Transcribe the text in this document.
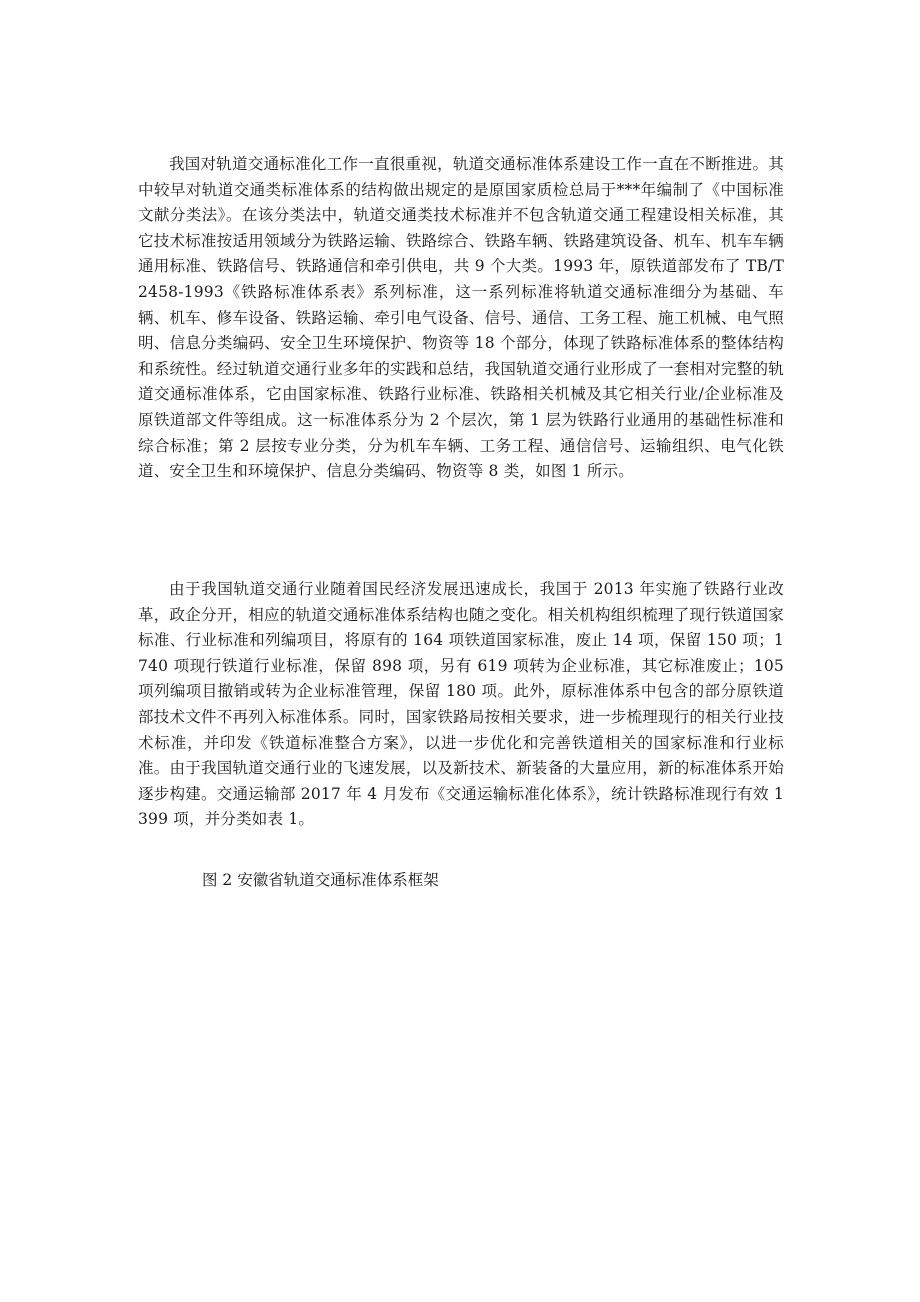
我国对轨道交通标准化工作一直很重视，轨道交通标准体系建设工作一直在不断推进。其中较早对轨道交通类标准体系的结构做出规定的是原国家质检总局于***年编制了《中国标准文献分类法》。在该分类法中，轨道交通类技术标准并不包含轨道交通工程建设相关标准，其它技术标准按适用领域分为铁路运输、铁路综合、铁路车辆、铁路建筑设备、机车、机车车辆通用标准、铁路信号、铁路通信和牵引供电，共 9 个大类。1993 年，原铁道部发布了 TB/T 2458-1993《铁路标准体系表》系列标准，这一系列标准将轨道交通标准细分为基础、车辆、机车、修车设备、铁路运输、牵引电气设备、信号、通信、工务工程、施工机械、电气照明、信息分类编码、安全卫生环境保护、物资等 18 个部分，体现了铁路标准体系的整体结构和系统性。经过轨道交通行业多年的实践和总结，我国轨道交通行业形成了一套相对完整的轨道交通标准体系，它由国家标准、铁路行业标准、铁路相关机械及其它相关行业/企业标准及原铁道部文件等组成。这一标准体系分为 2 个层次，第 1 层为铁路行业通用的基础性标准和综合标准；第 2 层按专业分类，分为机车车辆、工务工程、通信信号、运输组织、电气化铁道、安全卫生和环境保护、信息分类编码、物资等 8 类，如图 1 所示。

由于我国轨道交通行业随着国民经济发展迅速成长，我国于 2013 年实施了铁路行业改革，政企分开，相应的轨道交通标准体系结构也随之变化。相关机构组织梳理了现行铁道国家标准、行业标准和列编项目，将原有的 164 项铁道国家标准，废止 14 项，保留 150 项；1740 项现行铁道行业标准，保留 898 项，另有 619 项转为企业标准，其它标准废止；105 项列编项目撤销或转为企业标准管理，保留 180 项。此外，原标准体系中包含的部分原铁道部技术文件不再列入标准体系。同时，国家铁路局按相关要求，进一步梳理现行的相关行业技术标准，并印发《铁道标准整合方案》，以进一步优化和完善铁道相关的国家标准和行业标准。由于我国轨道交通行业的飞速发展，以及新技术、新装备的大量应用，新的标准体系开始逐步构建。交通运输部 2017 年 4 月发布《交通运输标准化体系》，统计铁路标准现行有效 1399 项，并分类如表 1。

图 2 安徽省轨道交通标准体系框架
